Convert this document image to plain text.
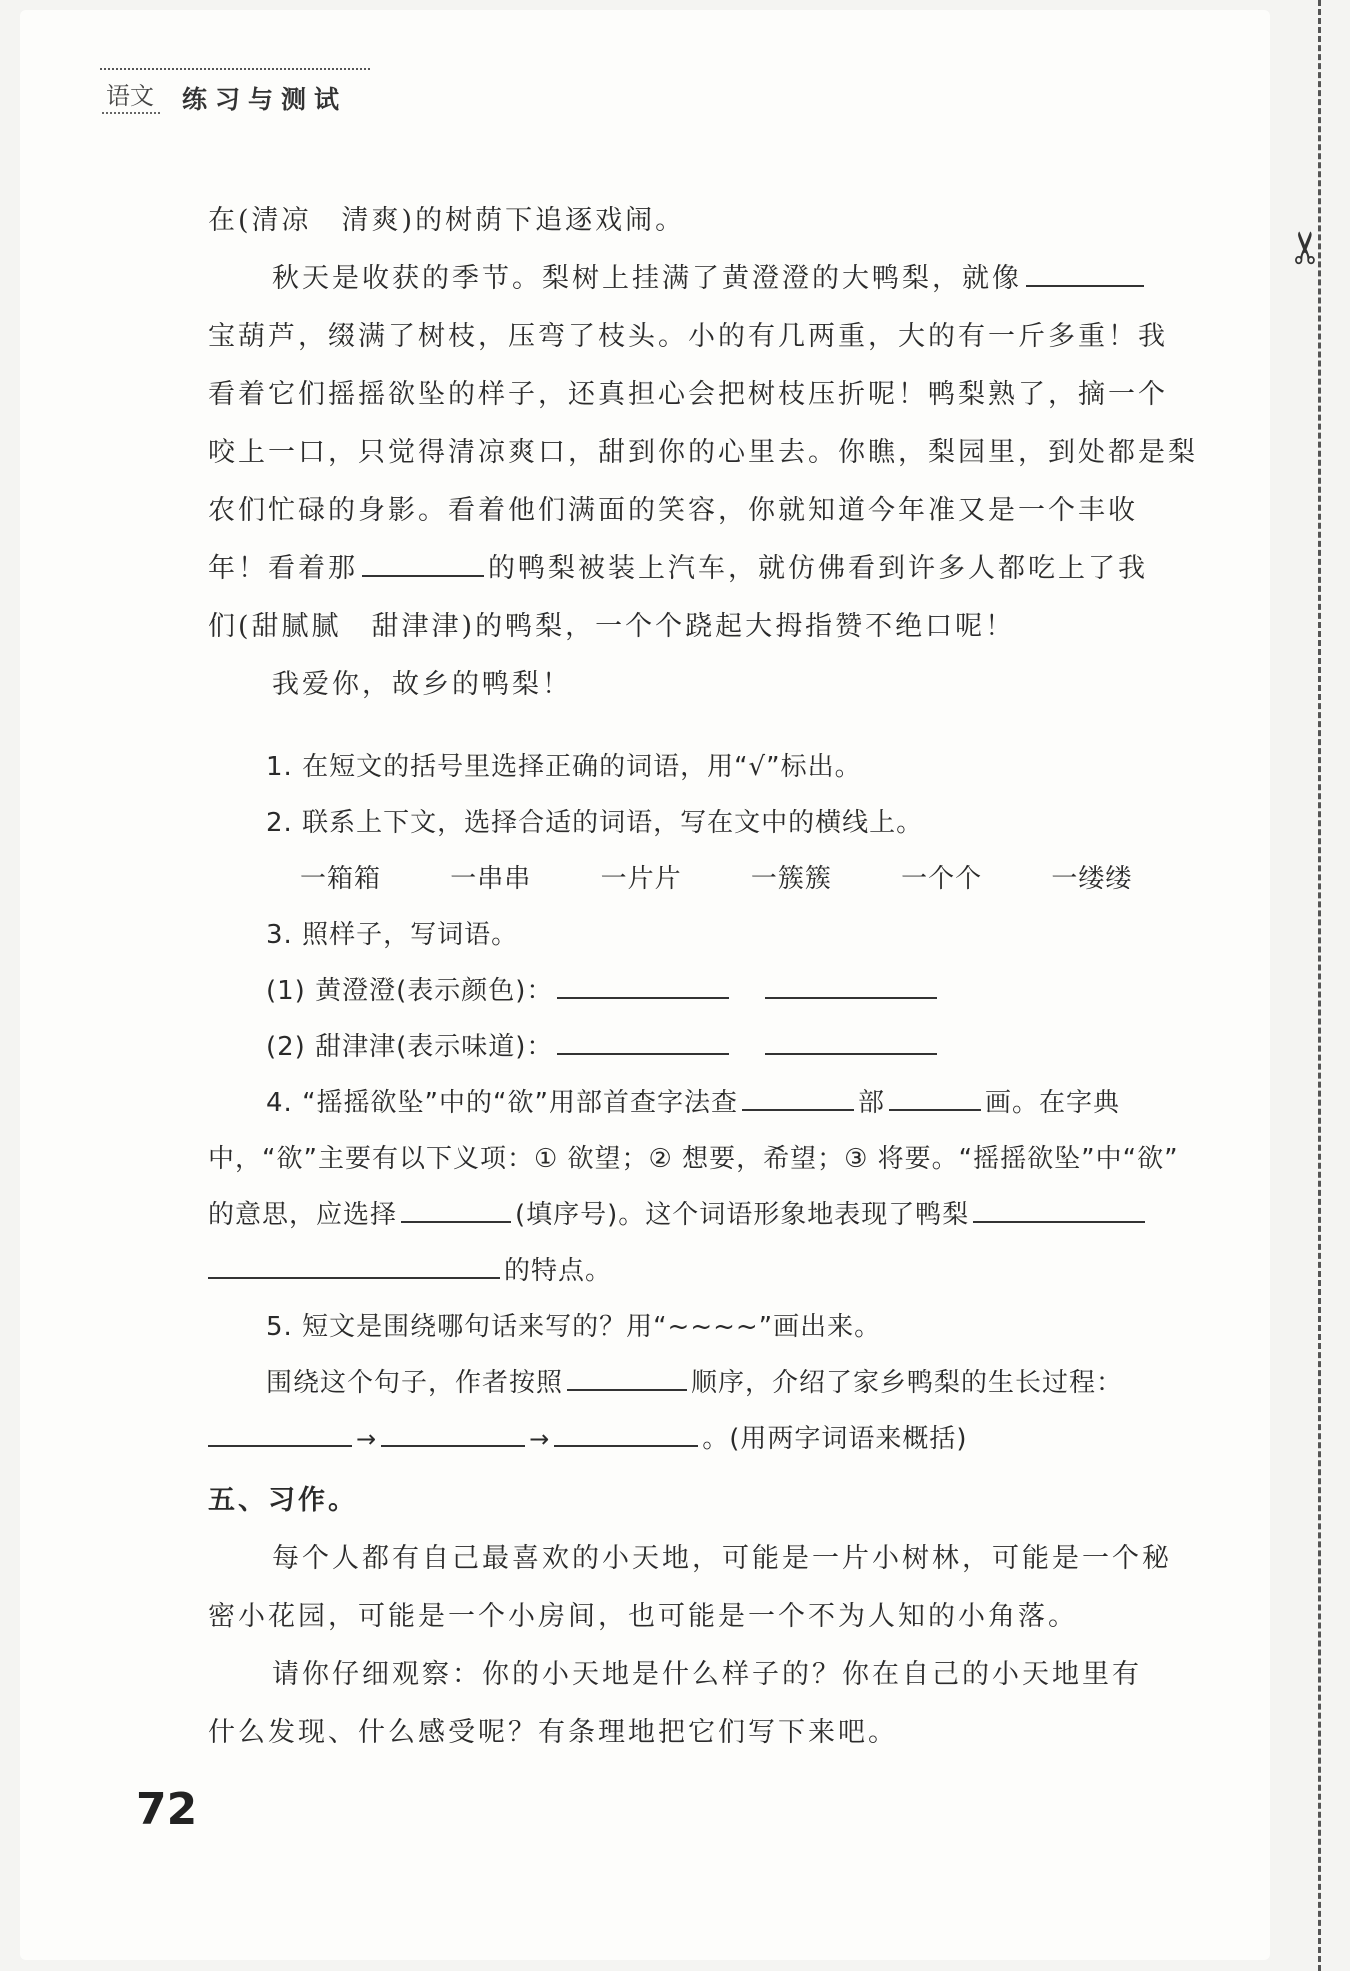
✂
语文 练习与测试
在(清凉　清爽)的树荫下追逐戏闹。
秋天是收获的季节。梨树上挂满了黄澄澄的大鸭梨，就像
宝葫芦，缀满了树枝，压弯了枝头。小的有几两重，大的有一斤多重！我
看着它们摇摇欲坠的样子，还真担心会把树枝压折呢！鸭梨熟了，摘一个
咬上一口，只觉得清凉爽口，甜到你的心里去。你瞧，梨园里，到处都是梨
农们忙碌的身影。看着他们满面的笑容，你就知道今年准又是一个丰收
年！看着那	的鸭梨被装上汽车，就仿佛看到许多人都吃上了我
们(甜腻腻　甜津津)的鸭梨，一个个跷起大拇指赞不绝口呢！
我爱你，故乡的鸭梨！
1. 在短文的括号里选择正确的词语，用“√”标出。
2. 联系上下文，选择合适的词语，写在文中的横线上。
一箱箱	一串串	一片片	一簇簇	一个个	一缕缕
3. 照样子，写词语。
(1) 黄澄澄(表示颜色)：
(2) 甜津津(表示味道)：
4. “摇摇欲坠”中的“欲”用部首查字法查	部	画。在字典
中，“欲”主要有以下义项：① 欲望；② 想要，希望；③ 将要。“摇摇欲坠”中“欲”
的意思，应选择	(填序号)。这个词语形象地表现了鸭梨
的特点。
5. 短文是围绕哪句话来写的？用“~~~~”画出来。
围绕这个句子，作者按照	顺序，介绍了家乡鸭梨的生长过程：
→	→	。(用两字词语来概括)
五、习作。
每个人都有自己最喜欢的小天地，可能是一片小树林，可能是一个秘
密小花园，可能是一个小房间，也可能是一个不为人知的小角落。
请你仔细观察：你的小天地是什么样子的？你在自己的小天地里有
什么发现、什么感受呢？有条理地把它们写下来吧。
72
